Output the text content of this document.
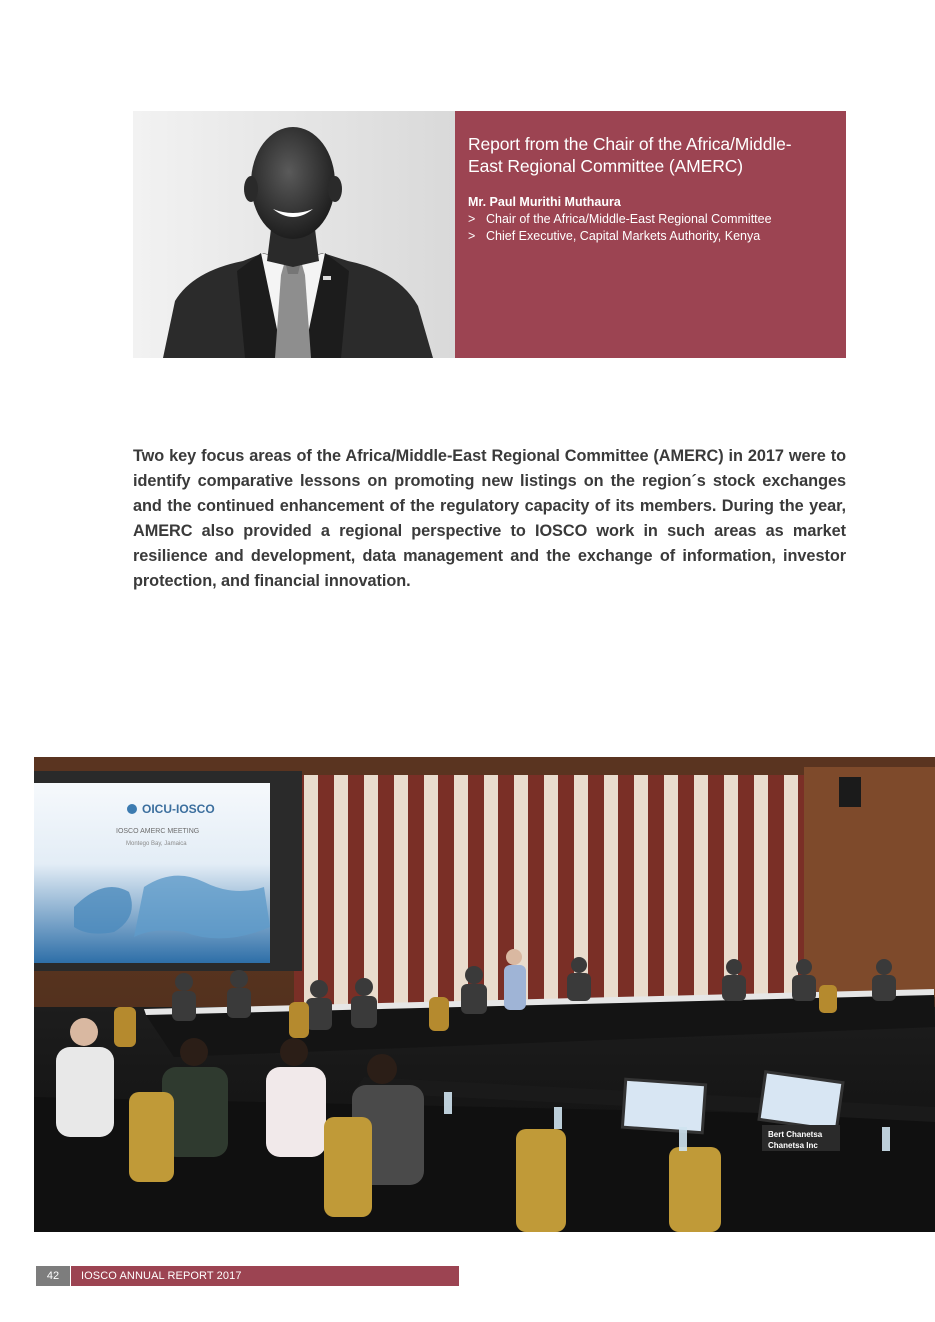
Report from the Chair of the Africa/Middle-East Regional Committee (AMERC)
Mr. Paul Murithi Muthaura
> Chair of the Africa/Middle-East Regional Committee
> Chief Executive, Capital Markets Authority, Kenya

Two key focus areas of the Africa/Middle-East Regional Committee (AMERC) in 2017 were to identify comparative lessons on promoting new listings on the region´s stock exchanges and the continued enhancement of the regulatory capacity of its members. During the year, AMERC also provided a regional perspective to IOSCO work in such areas as market resilience and development, data management and the exchange of information, investor protection, and financial innovation.

OICU-IOSCO
IOSCO AMERC MEETING
Montego Bay, Jamaica
Bert Chanetsa
Chanetsa Inc
42	IOSCO ANNUAL REPORT 2017
